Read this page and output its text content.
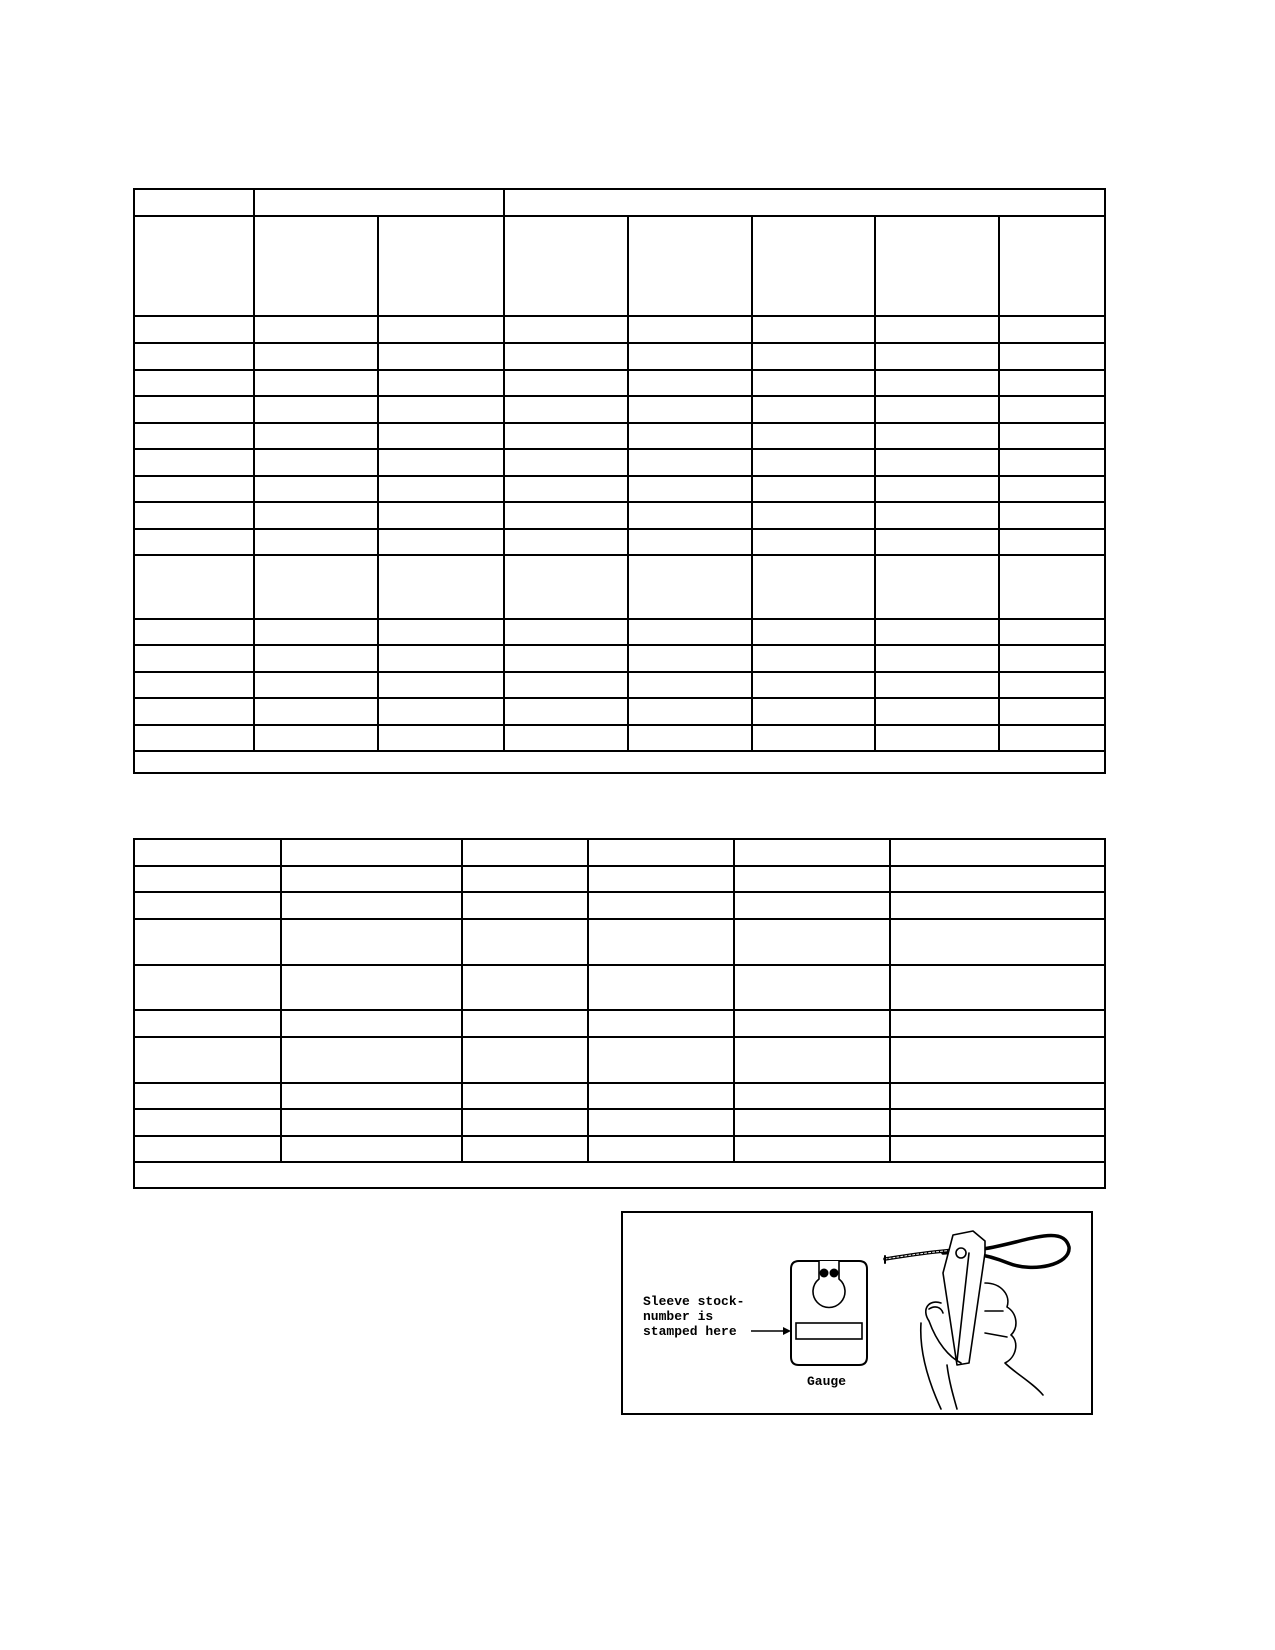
Sleeve stock-
number is
stamped here
Gauge
